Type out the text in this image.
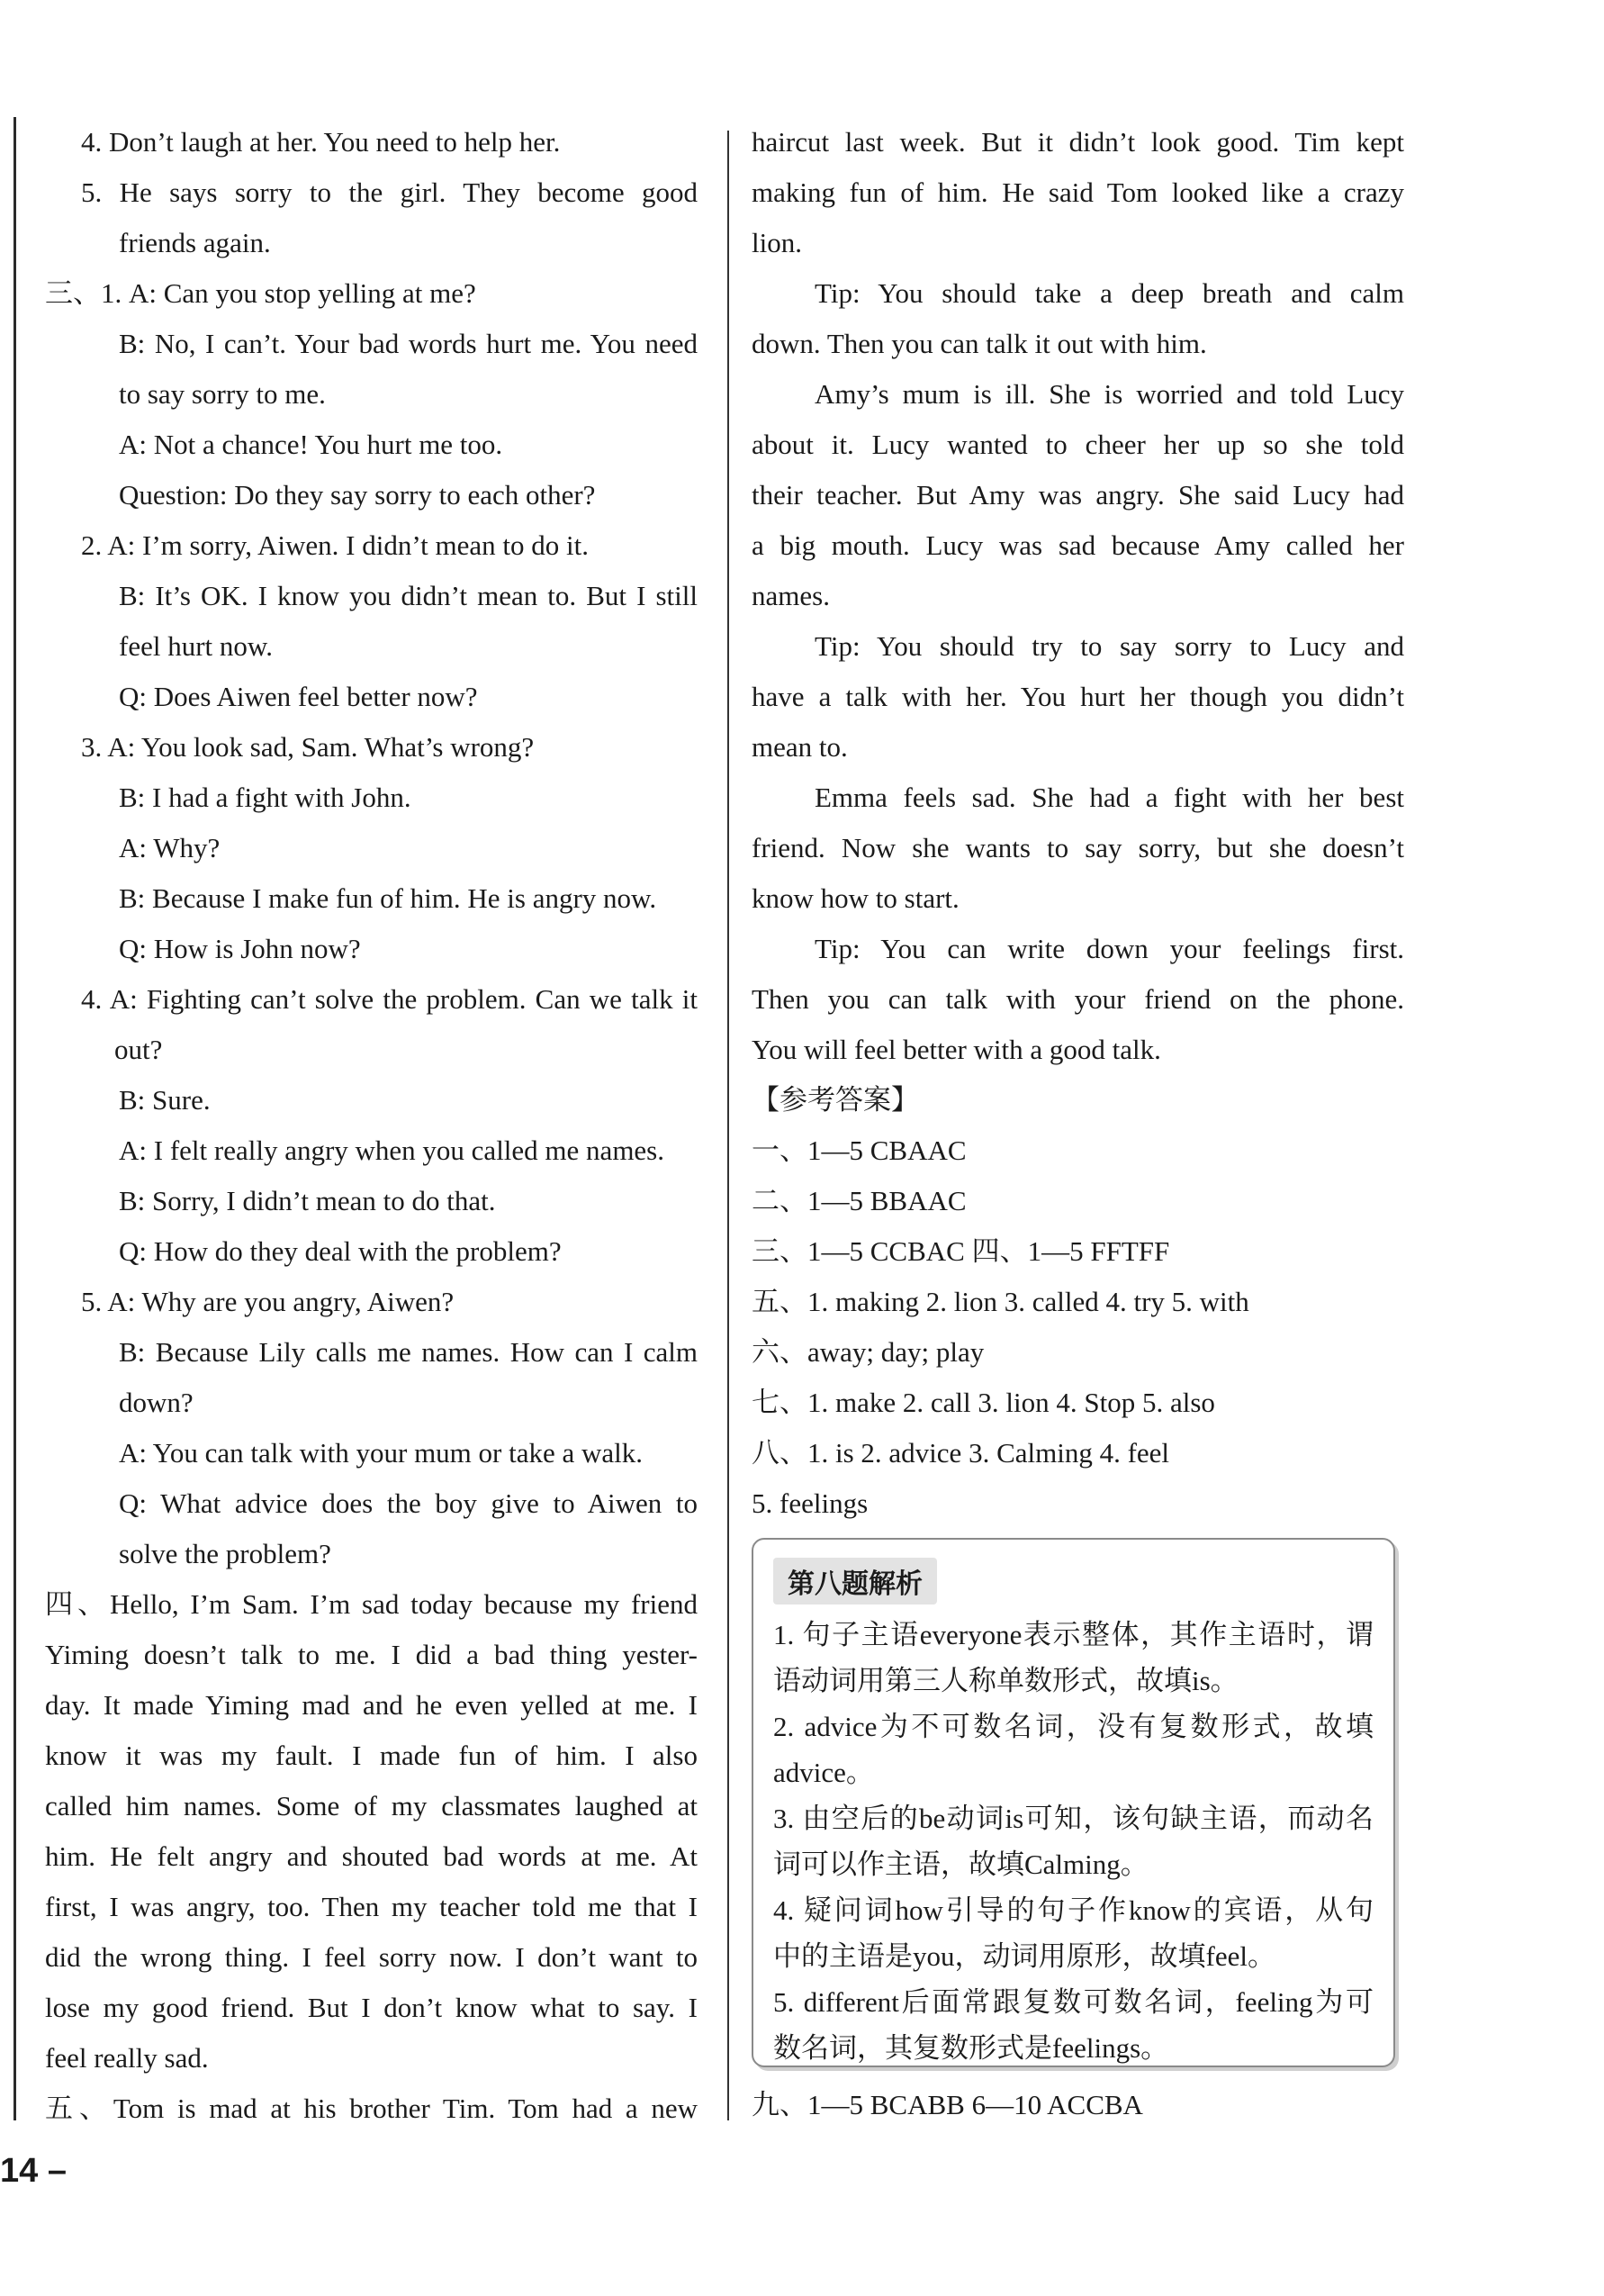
4. Don’t laugh at her. You need to help her.
5. He says sorry to the girl. They become good
friends again.
三、1. A: Can you stop yelling at me?
B: No, I can’t. Your bad words hurt me. You need
to say sorry to me.
A: Not a chance! You hurt me too.
Question: Do they say sorry to each other?
2. A: I’m sorry, Aiwen. I didn’t mean to do it.
B: It’s OK. I know you didn’t mean to. But I still
feel hurt now.
Q: Does Aiwen feel better now?
3. A: You look sad, Sam. What’s wrong?
B: I had a fight with John.
A: Why?
B: Because I make fun of him. He is angry now.
Q: How is John now?
4. A: Fighting can’t solve the problem. Can we talk it
out?
B: Sure.
A: I felt really angry when you called me names.
B: Sorry, I didn’t mean to do that.
Q: How do they deal with the problem?
5. A: Why are you angry, Aiwen?
B: Because Lily calls me names. How can I calm
down?
A: You can talk with your mum or take a walk.
Q: What advice does the boy give to Aiwen to
solve the problem?
四、Hello, I’m Sam. I’m sad today because my friend
Yiming doesn’t talk to me. I did a bad thing yester-
day. It made Yiming mad and he even yelled at me. I
know it was my fault. I made fun of him. I also
called him names. Some of my classmates laughed at
him. He felt angry and shouted bad words at me. At
first, I was angry, too. Then my teacher told me that I
did the wrong thing. I feel sorry now. I don’t want to
lose my good friend. But I don’t know what to say. I
feel really sad.
五、Tom is mad at his brother Tim. Tom had a new
haircut last week. But it didn’t look good. Tim kept
making fun of him. He said Tom looked like a crazy
lion.
Tip: You should take a deep breath and calm
down. Then you can talk it out with him.
Amy’s mum is ill. She is worried and told Lucy
about it. Lucy wanted to cheer her up so she told
their teacher. But Amy was angry. She said Lucy had
a big mouth. Lucy was sad because Amy called her
names.
Tip: You should try to say sorry to Lucy and
have a talk with her. You hurt her though you didn’t
mean to.
Emma feels sad. She had a fight with her best
friend. Now she wants to say sorry, but she doesn’t
know how to start.
Tip: You can write down your feelings first.
Then you can talk with your friend on the phone.
You will feel better with a good talk.
【参考答案】
一、1—5 CBAAC
二、1—5 BBAAC
三、1—5 CCBAC 四、1—5 FFTFF
五、1. making 2. lion 3. called 4. try 5. with
六、away; day; play
七、1. make 2. call 3. lion 4. Stop 5. also
八、1. is 2. advice 3. Calming 4. feel
5. feelings
第八题解析
1. 句子主语everyone表示整体，其作主语时，谓
语动词用第三人称单数形式，故填is。
2. advice为不可数名词，没有复数形式，故填
advice。
3. 由空后的be动词is可知，该句缺主语，而动名
词可以作主语，故填Calming。
4. 疑问词how引导的句子作know的宾语，从句
中的主语是you，动词用原形，故填feel。
5. different后面常跟复数可数名词，feeling为可
数名词，其复数形式是feelings。
九、1—5 BCABB 6—10 ACCBA
14 –
